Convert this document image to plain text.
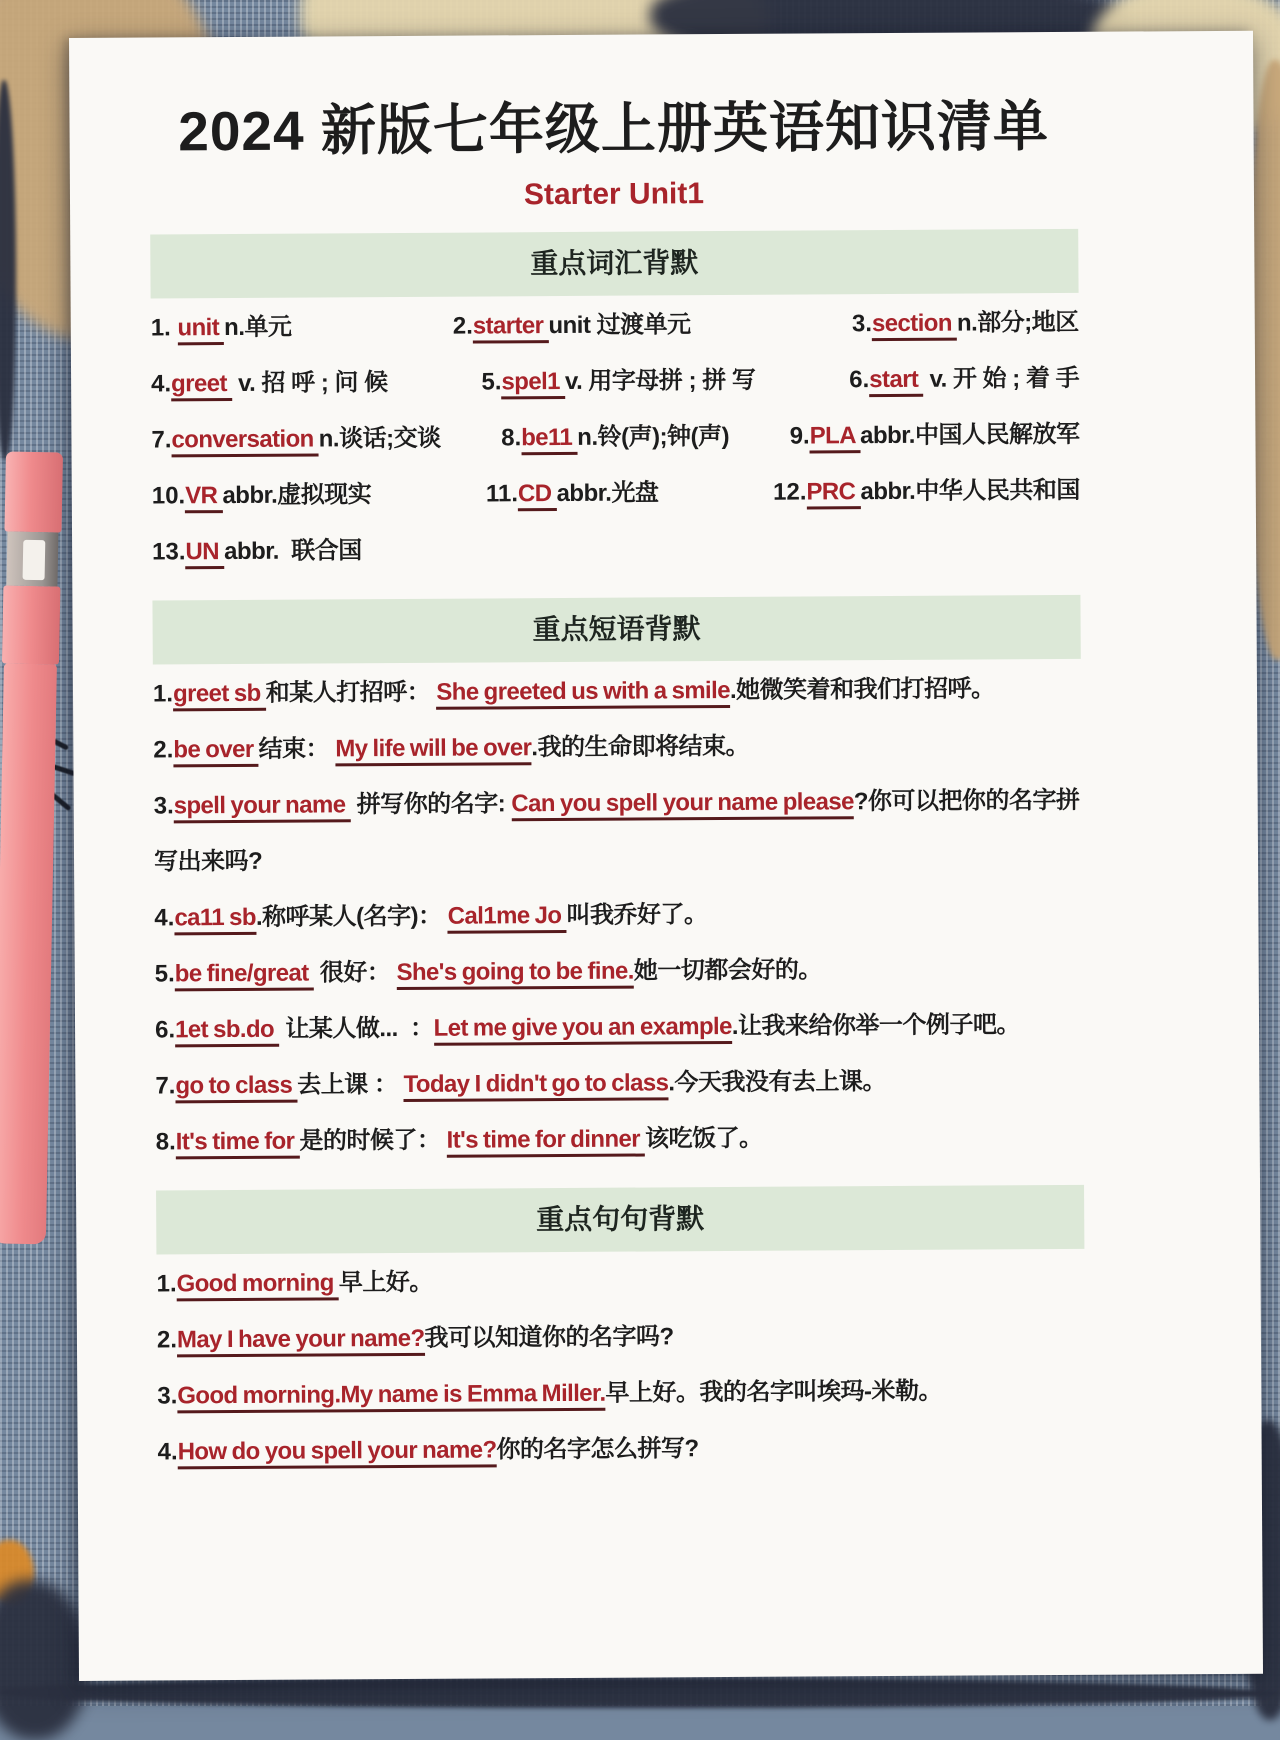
2024 新版七年级上册英语知识清单
Starter Unit1
重点词汇背默
1. unit n.单元	2.starter unit 过渡单元	3.section n.部分;地区
4.greet  v. 招 呼 ; 问 候	5.spel1 v. 用字母拼 ; 拼 写	6.start  v. 开 始 ; 着 手
7.conversation n.谈话;交谈	8.be11 n.铃(声);钟(声)	9.PLA abbr.中国人民解放军
10.VR abbr.虚拟现实	11.CD abbr.光盘	12.PRC abbr.中华人民共和国
13.UN abbr.  联合国
重点短语背默
1.greet sb 和某人打招呼： She greeted us with a smile.她微笑着和我们打招呼。
2.be over 结束： My life will be over.我的生命即将结束。
3.spell your name  拼写你的名字: Can you spell your name please?你可以把你的名字拼写出来吗?
4.ca11 sb.称呼某人(名字)： Cal1me Jo 叫我乔好了。
5.be fine/great  很好： She's going to be fine.她一切都会好的。
6.1et sb.do  让某人做...  ：Let me give you an example.让我来给你举一个例子吧。
7.go to class 去上课 ： Today I didn't go to class.今天我没有去上课。
8.It's time for 是的时候了： It's time for dinner 该吃饭了。
重点句句背默
1.Good morning 早上好。
2.May I have your name?我可以知道你的名字吗?
3.Good morning.My name is Emma Miller.早上好。我的名字叫埃玛-米勒。
4.How do you spell your name?你的名字怎么拼写?
